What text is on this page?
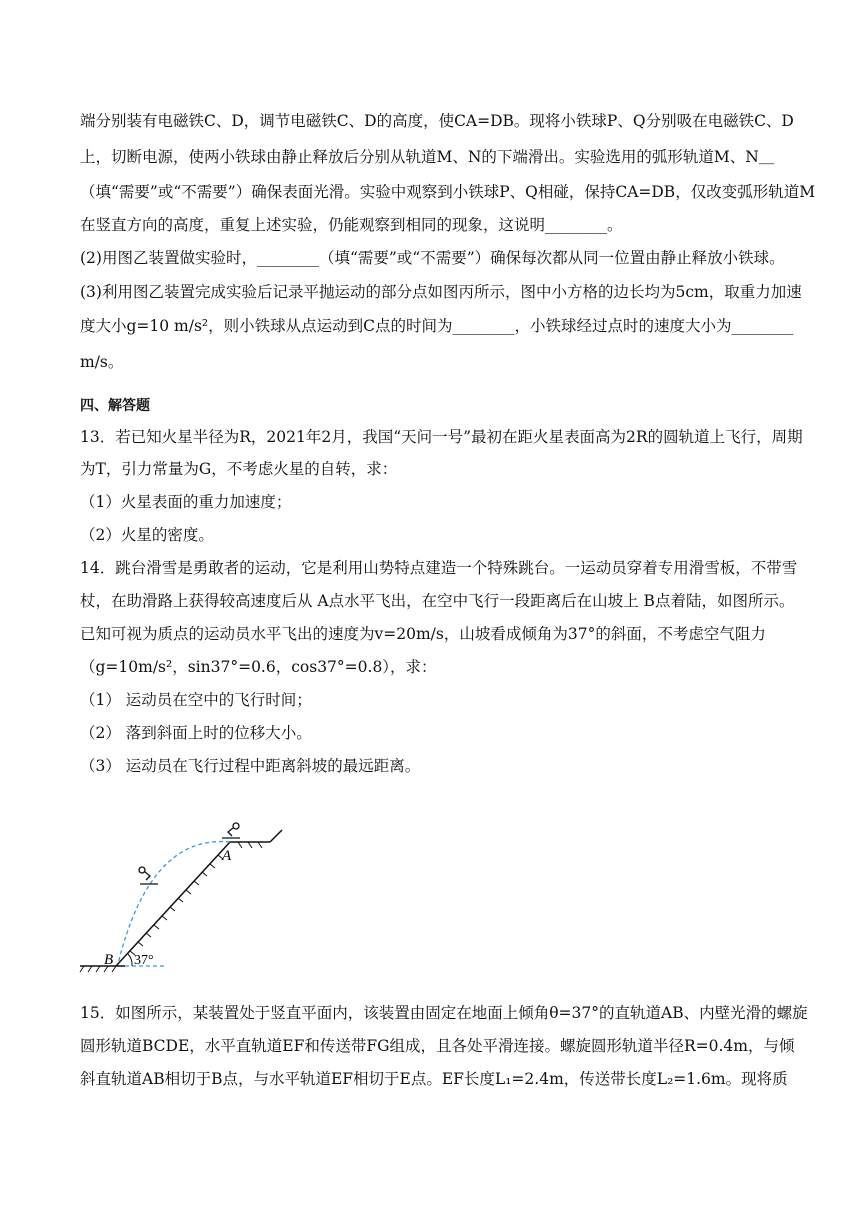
端分别装有电磁铁C、D，调节电磁铁C、D的高度，使CA=DB。现将小铁球P、Q分别吸在电磁铁C、D
上，切断电源，使两小铁球由静止释放后分别从轨道M、N的下端滑出。实验选用的弧形轨道M、N＿
（填“需要”或“不需要”）确保表面光滑。实验中观察到小铁球P、Q相碰，保持CA=DB，仅改变弧形轨道M
在竖直方向的高度，重复上述实验，仍能观察到相同的现象，这说明________。
(2)用图乙装置做实验时，________（填“需要”或“不需要”）确保每次都从同一位置由静止释放小铁球。
(3)利用图乙装置完成实验后记录平抛运动的部分点如图丙所示，图中小方格的边长均为5cm，取重力加速
度大小g=10 m/s²，则小铁球从点运动到C点的时间为________，小铁球经过点时的速度大小为________
m/s。
四、解答题
13．若已知火星半径为R，2021年2月，我国“天问一号”最初在距火星表面高为2R的圆轨道上飞行，周期
为T，引力常量为G，不考虑火星的自转，求：
（1）火星表面的重力加速度；
（2）火星的密度。
14．跳台滑雪是勇敢者的运动，它是利用山势特点建造一个特殊跳台。一运动员穿着专用滑雪板，不带雪
杖，在助滑路上获得较高速度后从 A点水平飞出，在空中飞行一段距离后在山坡上 B点着陆，如图所示。
已知可视为质点的运动员水平飞出的速度为v=20m/s，山坡看成倾角为37°的斜面，不考虑空气阻力
（g=10m/s²，sin37°=0.6，cos37°=0.8），求：
（1） 运动员在空中的飞行时间；
（2） 落到斜面上时的位移大小。
（3） 运动员在飞行过程中距离斜坡的最远距离。
A
B 37°
15．如图所示，某装置处于竖直平面内，该装置由固定在地面上倾角θ=37°的直轨道AB、内壁光滑的螺旋
圆形轨道BCDE，水平直轨道EF和传送带FG组成，且各处平滑连接。螺旋圆形轨道半径R=0.4m，与倾
斜直轨道AB相切于B点，与水平轨道EF相切于E点。EF长度L₁=2.4m，传送带长度L₂=1.6m。现将质
